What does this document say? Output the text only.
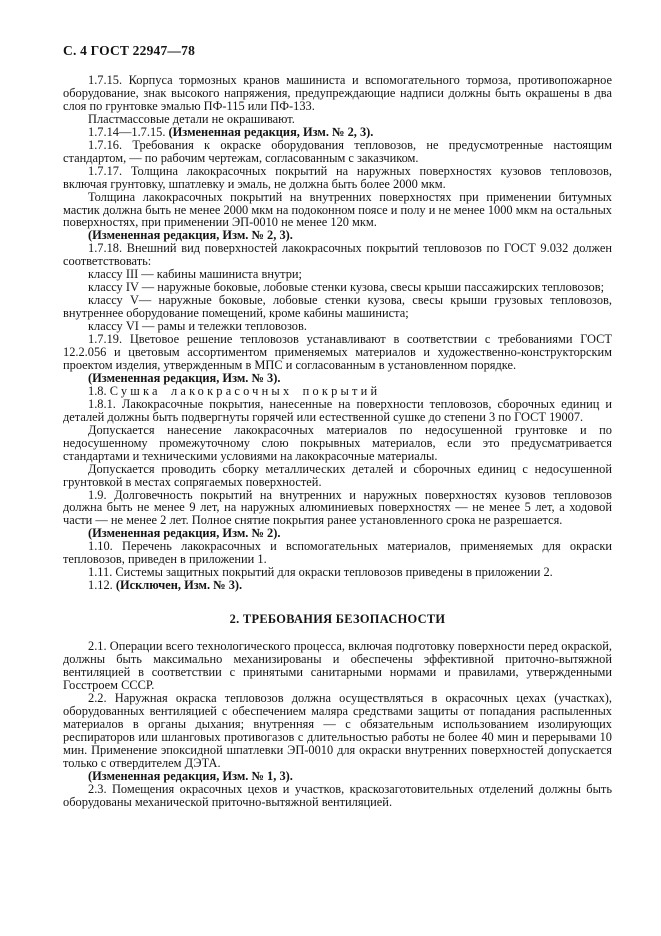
С. 4 ГОСТ 22947—78

1.7.15. Корпуса тормозных кранов машиниста и вспомогательного тормоза, противопожарное оборудование, знак высокого напряжения, предупреждающие надписи должны быть окрашены в два слоя по грунтовке эмалью ПФ-115 или ПФ-133.

Пластмассовые детали не окрашивают.

1.7.14—1.7.15. (Измененная редакция, Изм. № 2, 3).

1.7.16. Требования к окраске оборудования тепловозов, не предусмотренные настоящим стандартом, — по рабочим чертежам, согласованным с заказчиком.

1.7.17. Толщина лакокрасочных покрытий на наружных поверхностях кузовов тепловозов, включая грунтовку, шпатлевку и эмаль, не должна быть более 2000 мкм.

Толщина лакокрасочных покрытий на внутренних поверхностях при применении битумных мастик должна быть не менее 2000 мкм на подоконном поясе и полу и не менее 1000 мкм на остальных поверхностях, при применении ЭП-0010 не менее 120 мкм.

(Измененная редакция, Изм. № 2, 3).

1.7.18. Внешний вид поверхностей лакокрасочных покрытий тепловозов по ГОСТ 9.032 должен соответствовать:

классу III — кабины машиниста внутри;

классу IV — наружные боковые, лобовые стенки кузова, свесы крыши пассажирских тепловозов;

классу V— наружные боковые, лобовые стенки кузова, свесы крыши грузовых тепловозов, внутреннее оборудование помещений, кроме кабины машиниста;

классу VI — рамы и тележки тепловозов.

1.7.19. Цветовое решение тепловозов устанавливают в соответствии с требованиями ГОСТ 12.2.056 и цветовым ассортиментом применяемых материалов и художественно-конструкторским проектом изделия, утвержденным в МПС и согласованным в установленном порядке.

(Измененная редакция, Изм. № 3).

1.8. Сушка лакокрасочных покрытий

1.8.1. Лакокрасочные покрытия, нанесенные на поверхности тепловозов, сборочных единиц и деталей должны быть подвергнуты горячей или естественной сушке до степени 3 по ГОСТ 19007.

Допускается нанесение лакокрасочных материалов по недосушенной грунтовке и по недосушенному промежуточному слою покрывных материалов, если это предусматривается стандартами и техническими условиями на лакокрасочные материалы.

Допускается проводить сборку металлических деталей и сборочных единиц с недосушенной грунтовкой в местах сопрягаемых поверхностей.

1.9. Долговечность покрытий на внутренних и наружных поверхностях кузовов тепловозов должна быть не менее 9 лет, на наружных алюминиевых поверхностях — не менее 5 лет, а ходовой части — не менее 2 лет. Полное снятие покрытия ранее установленного срока не разрешается.

(Измененная редакция, Изм. № 2).

1.10. Перечень лакокрасочных и вспомогательных материалов, применяемых для окраски тепловозов, приведен в приложении 1.

1.11. Системы защитных покрытий для окраски тепловозов приведены в приложении 2.

1.12. (Исключен, Изм. № 3).

2. ТРЕБОВАНИЯ БЕЗОПАСНОСТИ

2.1. Операции всего технологического процесса, включая подготовку поверхности перед окраской, должны быть максимально механизированы и обеспечены эффективной приточно-вытяжной вентиляцией в соответствии с принятыми санитарными нормами и правилами, утвержденными Госстроем СССР.

2.2. Наружная окраска тепловозов должна осуществляться в окрасочных цехах (участках), оборудованных вентиляцией с обеспечением маляра средствами защиты от попадания распыленных материалов в органы дыхания; внутренняя — с обязательным использованием изолирующих респираторов или шланговых противогазов с длительностью работы не более 40 мин и перерывами 10 мин. Применение эпоксидной шпатлевки ЭП-0010 для окраски внутренних поверхностей допускается только с отвердителем ДЭТА.

(Измененная редакция, Изм. № 1, 3).

2.3. Помещения окрасочных цехов и участков, краскозаготовительных отделений должны быть оборудованы механической приточно-вытяжной вентиляцией.
